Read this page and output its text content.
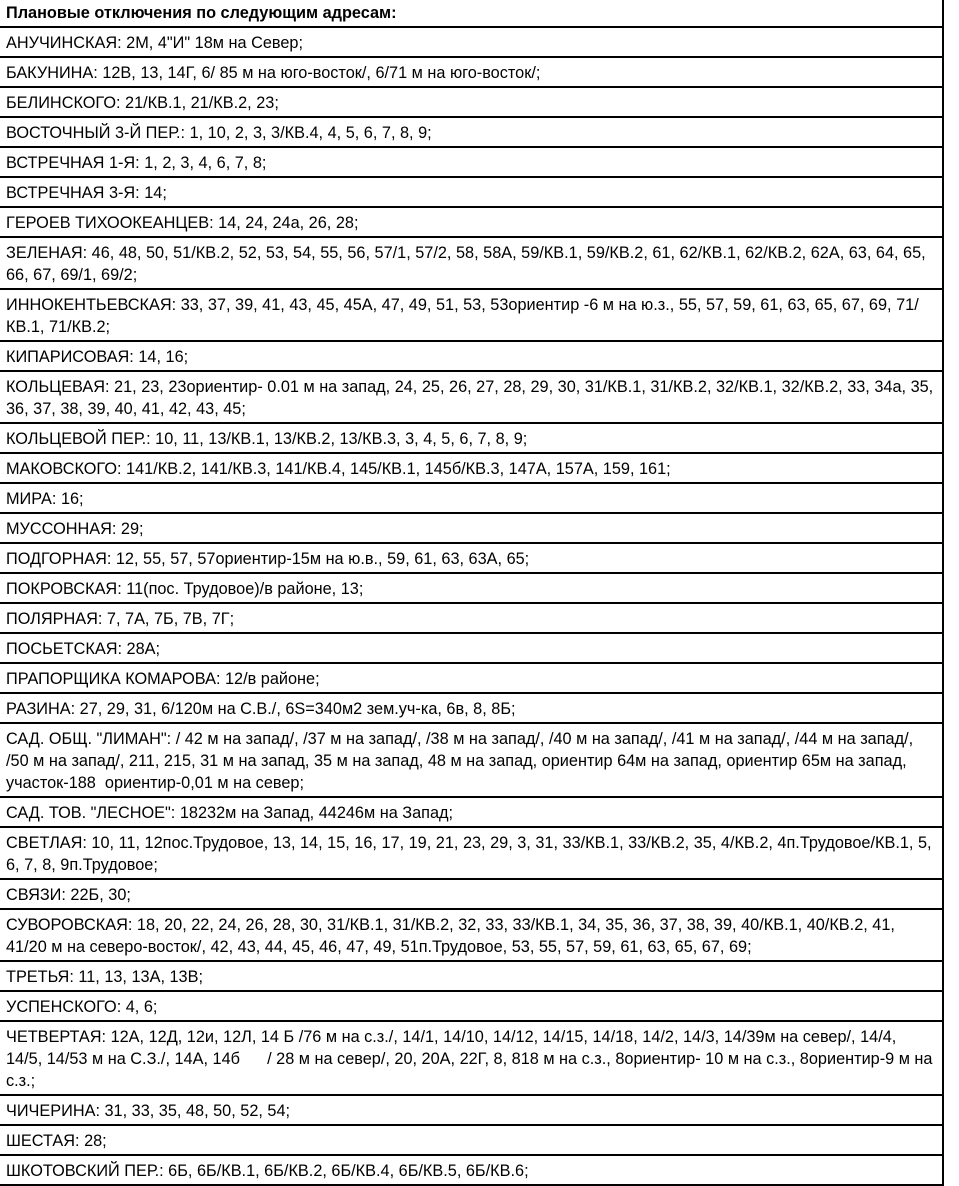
Плановые отключения по следующим адресам:
АНУЧИНСКАЯ: 2М, 4"И" 18м на Север;
БАКУНИНА: 12В, 13, 14Г, 6/ 85 м на юго-восток/, 6/71 м на юго-восток/;
БЕЛИНСКОГО: 21/КВ.1, 21/КВ.2, 23;
ВОСТОЧНЫЙ 3-Й ПЕР.: 1, 10, 2, 3, 3/КВ.4, 4, 5, 6, 7, 8, 9;
ВСТРЕЧНАЯ 1-Я: 1, 2, 3, 4, 6, 7, 8;
ВСТРЕЧНАЯ 3-Я: 14;
ГЕРОЕВ ТИХООКЕАНЦЕВ: 14, 24, 24а, 26, 28;
ЗЕЛЕНАЯ: 46, 48, 50, 51/КВ.2, 52, 53, 54, 55, 56, 57/1, 57/2, 58, 58А, 59/КВ.1, 59/КВ.2, 61, 62/КВ.1, 62/КВ.2, 62А, 63, 64, 65, 66, 67, 69/1, 69/2;
ИННОКЕНТЬЕВСКАЯ: 33, 37, 39, 41, 43, 45, 45А, 47, 49, 51, 53, 53ориентир -6 м на ю.з., 55, 57, 59, 61, 63, 65, 67, 69, 71/КВ.1, 71/КВ.2;
КИПАРИСОВАЯ: 14, 16;
КОЛЬЦЕВАЯ: 21, 23, 23ориентир- 0.01 м на запад, 24, 25, 26, 27, 28, 29, 30, 31/КВ.1, 31/КВ.2, 32/КВ.1, 32/КВ.2, 33, 34а, 35, 36, 37, 38, 39, 40, 41, 42, 43, 45;
КОЛЬЦЕВОЙ ПЕР.: 10, 11, 13/КВ.1, 13/КВ.2, 13/КВ.3, 3, 4, 5, 6, 7, 8, 9;
МАКОВСКОГО: 141/КВ.2, 141/КВ.3, 141/КВ.4, 145/КВ.1, 145б/КВ.3, 147А, 157А, 159, 161;
МИРА: 16;
МУССОННАЯ: 29;
ПОДГОРНАЯ: 12, 55, 57, 57ориентир-15м на ю.в., 59, 61, 63, 63А, 65;
ПОКРОВСКАЯ: 11(пос. Трудовое)/в районе, 13;
ПОЛЯРНАЯ: 7, 7А, 7Б, 7В, 7Г;
ПОСЬЕТСКАЯ: 28А;
ПРАПОРЩИКА КОМАРОВА: 12/в районе;
РАЗИНА: 27, 29, 31, 6/120м на С.В./, 6S=340м2 зем.уч-ка, 6в, 8, 8Б;
САД. ОБЩ. "ЛИМАН": / 42 м на запад/, /37 м на запад/, /38 м на запад/, /40 м на запад/, /41 м на запад/, /44 м на запад/, /50 м на запад/, 211, 215, 31 м на запад, 35 м на запад, 48 м на запад, ориентир 64м на запад, ориентир 65м на запад, участок-188  ориентир-0,01 м на север;
САД. ТОВ. "ЛЕСНОЕ": 18232м на Запад, 44246м на Запад;
СВЕТЛАЯ: 10, 11, 12пос.Трудовое, 13, 14, 15, 16, 17, 19, 21, 23, 29, 3, 31, 33/КВ.1, 33/КВ.2, 35, 4/КВ.2, 4п.Трудовое/КВ.1, 5, 6, 7, 8, 9п.Трудовое;
СВЯЗИ: 22Б, 30;
СУВОРОВСКАЯ: 18, 20, 22, 24, 26, 28, 30, 31/КВ.1, 31/КВ.2, 32, 33, 33/КВ.1, 34, 35, 36, 37, 38, 39, 40/КВ.1, 40/КВ.2, 41, 41/20 м на северо-восток/, 42, 43, 44, 45, 46, 47, 49, 51п.Трудовое, 53, 55, 57, 59, 61, 63, 65, 67, 69;
ТРЕТЬЯ: 11, 13, 13А, 13В;
УСПЕНСКОГО: 4, 6;
ЧЕТВЕРТАЯ: 12А, 12Д, 12и, 12Л, 14 Б /76 м на с.з./, 14/1, 14/10, 14/12, 14/15, 14/18, 14/2, 14/3, 14/39м на север/, 14/4, 14/5, 14/53 м на С.З./, 14А, 14б      / 28 м на север/, 20, 20А, 22Г, 8, 818 м на с.з., 8ориентир- 10 м на с.з., 8ориентир-9 м на с.з.;
ЧИЧЕРИНА: 31, 33, 35, 48, 50, 52, 54;
ШЕСТАЯ: 28;
ШКОТОВСКИЙ ПЕР.: 6Б, 6Б/КВ.1, 6Б/КВ.2, 6Б/КВ.4, 6Б/КВ.5, 6Б/КВ.6;
